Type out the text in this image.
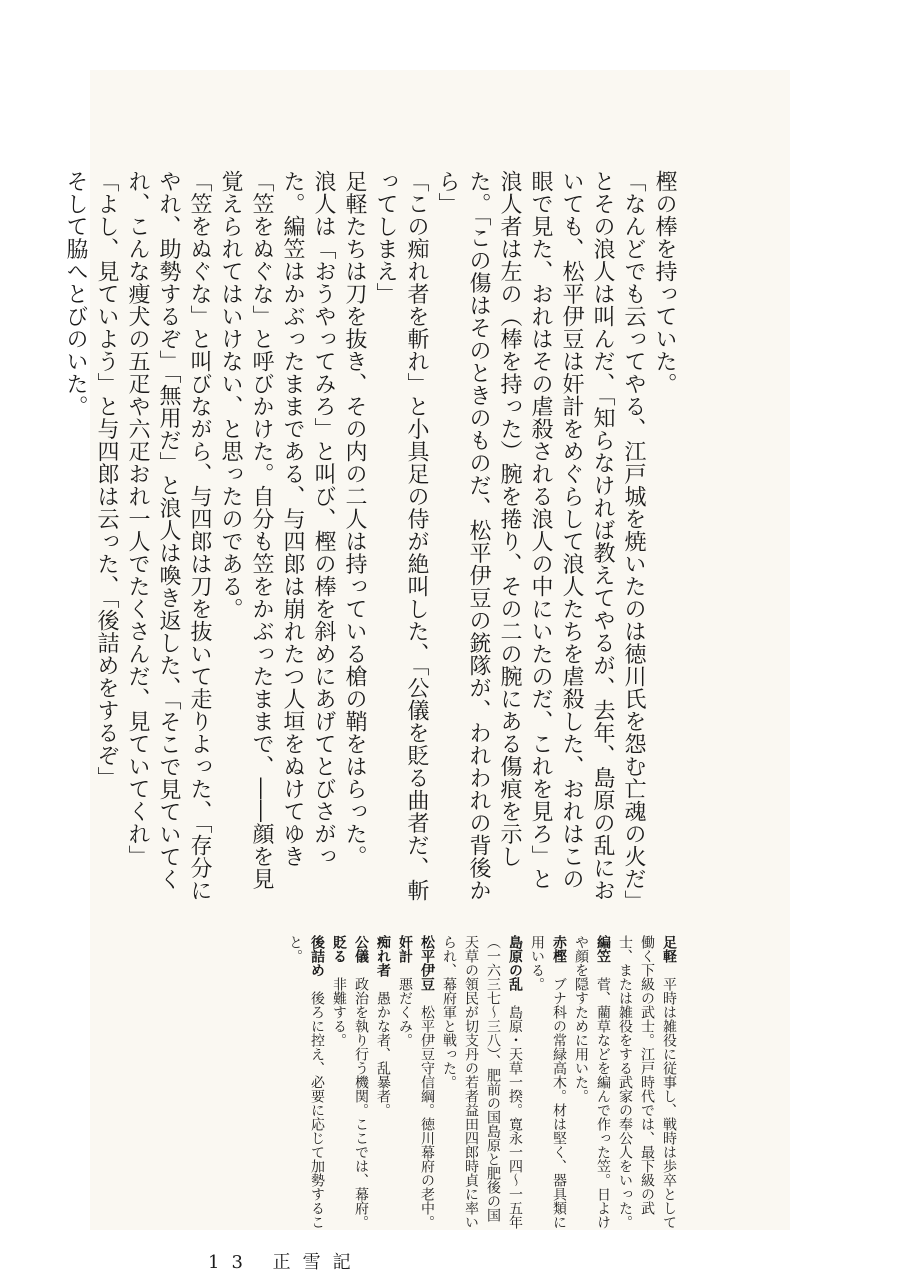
樫の棒を持っていた。

「なんどでも云ってやる、江戸城を焼いたのは徳川氏を怨む亡魂の火だ」とその浪人は叫んだ、「知らなければ教えてやるが、去年、島原の乱においても、松平伊豆は奸計をめぐらして浪人たちを虐殺した、おれはこの眼で見た、おれはその虐殺される浪人の中にいたのだ、これを見ろ」と浪人者は左の（棒を持った）腕を捲り、その二の腕にある傷痕を示した。「この傷はそのときのものだ、松平伊豆の銃隊が、われわれの背後から」

「この痴れ者を斬れ」と小具足の侍が絶叫した、「公儀を貶る曲者だ、斬ってしまえ」

足軽たちは刀を抜き、その内の二人は持っている槍の鞘をはらった。

浪人は「おうやってみろ」と叫び、樫の棒を斜めにあげてとびさがった。編笠はかぶったままである、与四郎は崩れたつ人垣をぬけてゆき「笠をぬぐな」と呼びかけた。自分も笠をかぶったままで、――顔を見覚えられてはいけない、と思ったのである。

「笠をぬぐな」と叫びながら、与四郎は刀を抜いて走りよった、「存分にやれ、助勢するぞ」「無用だ」と浪人は喚き返した、「そこで見ていてくれ、こんな痩犬の五疋や六疋おれ一人でたくさんだ、見ていてくれ」

「よし、見ていよう」と与四郎は云った、「後詰めをするぞ」

そして脇へとびのいた。

足軽　平時は雑役に従事し、戦時は歩卒として働く下級の武士。江戸時代では、最下級の武士、または雑役をする武家の奉公人をいった。

編笠　菅、藺草などを編んで作った笠。日よけや顔を隠すために用いた。

赤樫　ブナ科の常緑高木。材は堅く、器具類に用いる。

島原の乱　島原・天草一揆。寛永一四～一五年（一六三七～三八）、肥前の国島原と肥後の国天草の領民が切支丹の若者益田四郎時貞に率いられ、幕府軍と戦った。

松平伊豆　松平伊豆守信綱。徳川幕府の老中。

奸計　悪だくみ。

痴れ者　愚かな者、乱暴者。

公儀　政治を執り行う機関。ここでは、幕府。

貶る　非難する。

後詰め　後ろに控え、必要に応じて加勢すること。

13 正雪記
